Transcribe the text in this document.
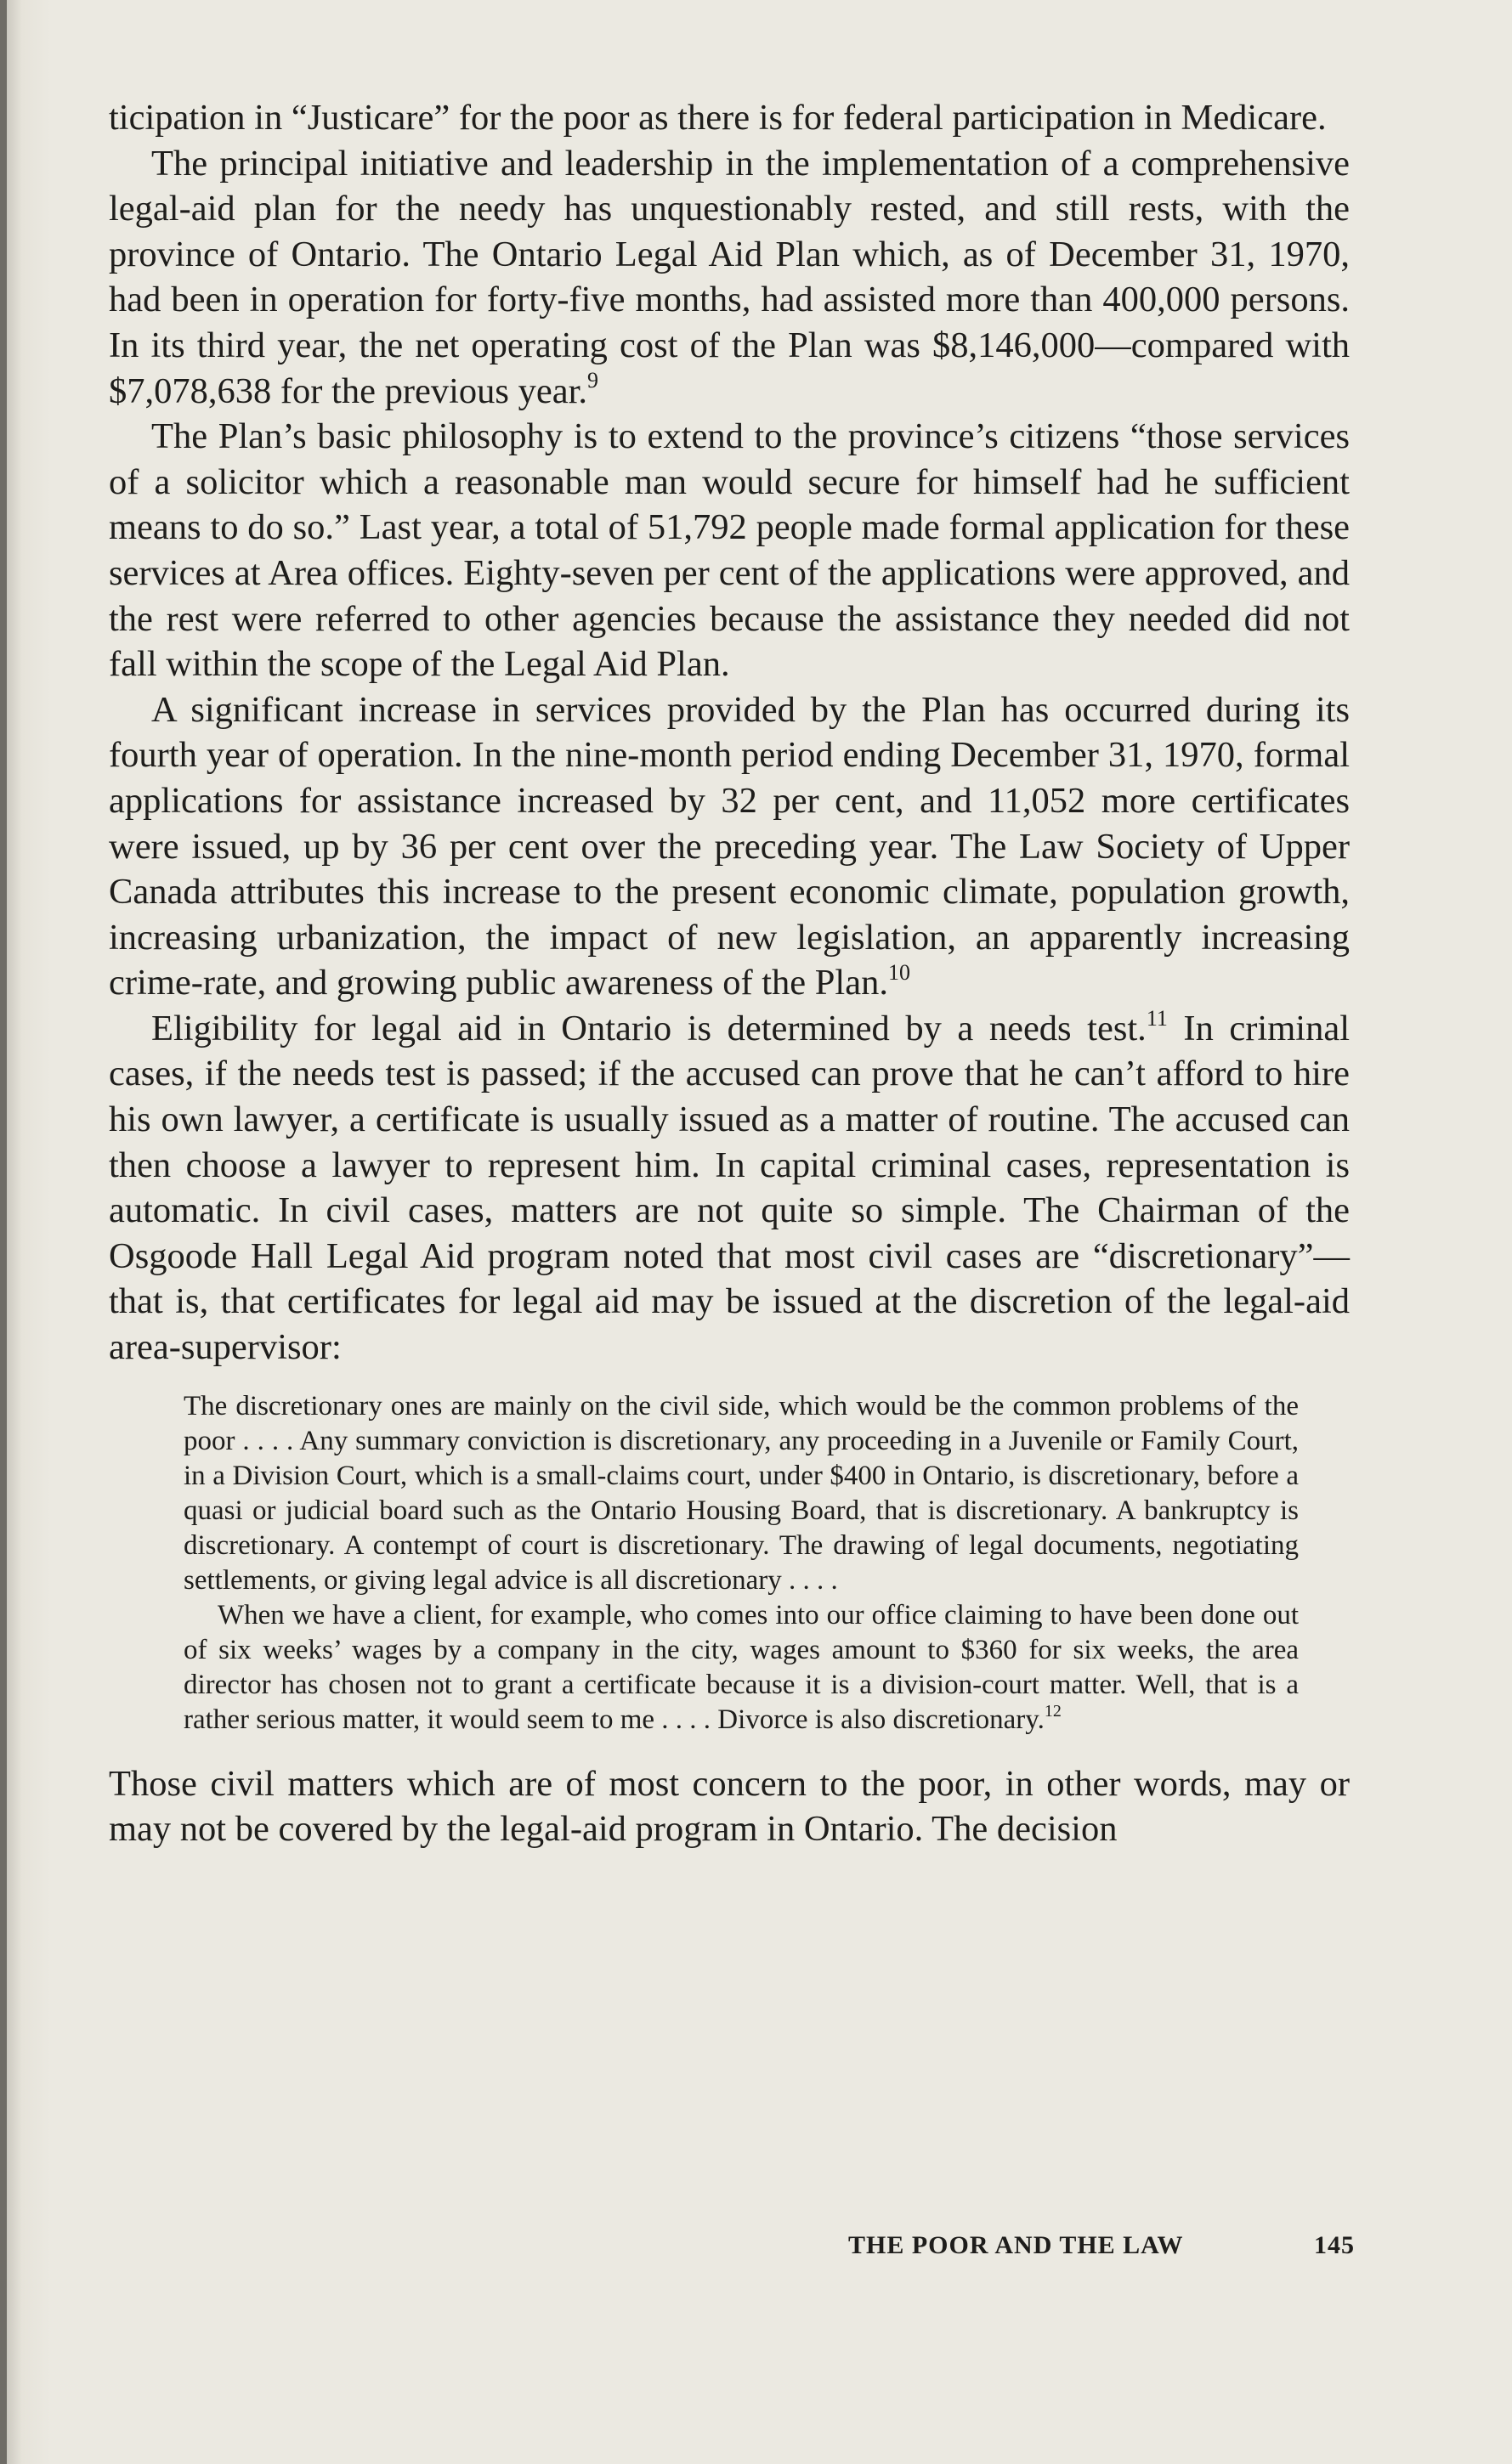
ticipation in “Justicare” for the poor as there is for federal participation in Medicare.

The principal initiative and leadership in the implementation of a comprehensive legal-aid plan for the needy has unquestionably rested, and still rests, with the province of Ontario. The Ontario Legal Aid Plan which, as of December 31, 1970, had been in operation for forty-five months, had assisted more than 400,000 persons. In its third year, the net operating cost of the Plan was $8,146,000—compared with $7,078,638 for the previous year.$^9$

The Plan’s basic philosophy is to extend to the province’s citizens “those services of a solicitor which a reasonable man would secure for himself had he sufficient means to do so.” Last year, a total of 51,792 people made formal application for these services at Area offices. Eighty-seven per cent of the applications were approved, and the rest were referred to other agencies because the assistance they needed did not fall within the scope of the Legal Aid Plan.

A significant increase in services provided by the Plan has occurred during its fourth year of operation. In the nine-month period ending December 31, 1970, formal applications for assistance increased by 32 per cent, and 11,052 more certificates were issued, up by 36 per cent over the preceding year. The Law Society of Upper Canada attributes this increase to the present economic climate, population growth, increasing urbanization, the impact of new legislation, an apparently increasing crime-rate, and growing public awareness of the Plan.$^{10}$

Eligibility for legal aid in Ontario is determined by a needs test.$^{11}$ In criminal cases, if the needs test is passed; if the accused can prove that he can’t afford to hire his own lawyer, a certificate is usually issued as a matter of routine. The accused can then choose a lawyer to represent him. In capital criminal cases, representation is automatic. In civil cases, matters are not quite so simple. The Chairman of the Osgoode Hall Legal Aid program noted that most civil cases are “discretionary”—that is, that certificates for legal aid may be issued at the discretion of the legal-aid area-supervisor:

The discretionary ones are mainly on the civil side, which would be the common problems of the poor . . . . Any summary conviction is discretionary, any proceeding in a Juvenile or Family Court, in a Division Court, which is a small-claims court, under $400 in Ontario, is discretionary, before a quasi or judicial board such as the Ontario Housing Board, that is discretionary. A bankruptcy is discretionary. A contempt of court is discretionary. The drawing of legal documents, negotiating settlements, or giving legal advice is all discretionary . . . .

When we have a client, for example, who comes into our office claiming to have been done out of six weeks’ wages by a company in the city, wages amount to $360 for six weeks, the area director has chosen not to grant a certificate because it is a division-court matter. Well, that is a rather serious matter, it would seem to me . . . . Divorce is also discretionary.$^{12}$

Those civil matters which are of most concern to the poor, in other words, may or may not be covered by the legal-aid program in Ontario. The decision

THE POOR AND THE LAW	145
